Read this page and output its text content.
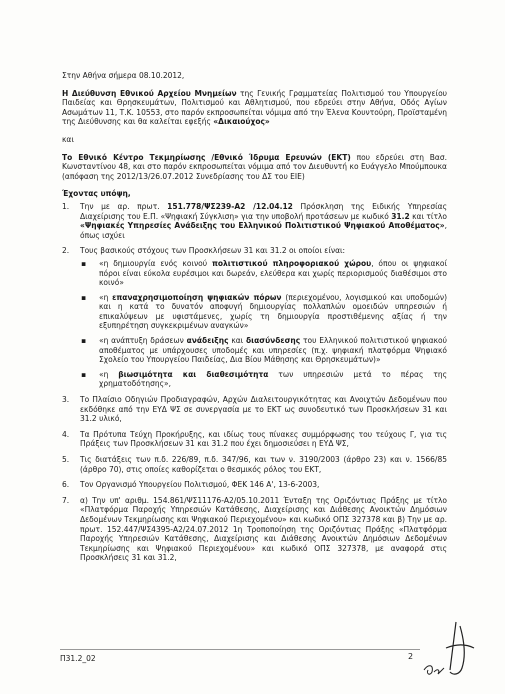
Στην Αθήνα σήμερα 08.10.2012,

Η Διεύθυνση Εθνικού Αρχείου Μνημείων της Γενικής Γραμματείας Πολιτισμού του Υπουργείου Παιδείας και Θρησκευμάτων, Πολιτισμού και Αθλητισμού, που εδρεύει στην Αθήνα, Οδός Αγίων Ασωμάτων 11, Τ.Κ. 10553, στο παρόν εκπροσωπείται νόμιμα από την Έλενα Κουντούρη, Προϊσταμένη της Διεύθυνσης και θα καλείται εφεξής «Δικαιούχος»

και

Το Εθνικό Κέντρο Τεκμηρίωσης /Εθνικό Ίδρυμα Ερευνών (ΕΚΤ) που εδρεύει στη Βασ. Κωνσταντίνου 48, και στο παρόν εκπροσωπείται νόμιμα από τον Διευθυντή κο Ευάγγελο Μπούμπουκα (απόφαση της 2012/13/26.07.2012 Συνεδρίασης του ΔΣ του ΕΙΕ)

Έχοντας υπόψη,

1. Την με αρ. πρωτ. 151.778/ΨΣ239-Α2 /12.04.12 Πρόσκληση της Ειδικής Υπηρεσίας Διαχείρισης του Ε.Π. «Ψηφιακή Σύγκλιση» για την υποβολή προτάσεων με κωδικό 31.2 και τίτλο «Ψηφιακές Υπηρεσίες Ανάδειξης του Ελληνικού Πολιτιστικού Ψηφιακού Αποθέματος», όπως ισχύει
2. Τους βασικούς στόχους των Προσκλήσεων 31 και 31.2 οι οποίοι είναι:
▪ «η δημιουργία ενός κοινού πολιτιστικού πληροφοριακού χώρου, όπου οι ψηφιακοί πόροι είναι εύκολα ευρέσιμοι και δωρεάν, ελεύθερα και χωρίς περιορισμούς διαθέσιμοι στο κοινό»
▪ «η επαναχρησιμοποίηση ψηφιακών πόρων (περιεχομένου, λογισμικού και υποδομών) και η κατά το δυνατόν αποφυγή δημιουργίας πολλαπλών ομοειδών υπηρεσιών ή επικαλύψεων με υφιστάμενες, χωρίς τη δημιουργία προστιθέμενης αξίας ή την εξυπηρέτηση συγκεκριμένων αναγκών»
▪ «η ανάπτυξη δράσεων ανάδειξης και διασύνδεσης του Ελληνικού πολιτιστικού ψηφιακού αποθέματος με υπάρχουσες υποδομές και υπηρεσίες (π.χ. ψηφιακή πλατφόρμα Ψηφιακό Σχολείο του Υπουργείου Παιδείας, Δια Βίου Μάθησης και Θρησκευμάτων)»
▪ «η βιωσιμότητα και διαθεσιμότητα των υπηρεσιών μετά το πέρας της χρηματοδότησης»,
3. Το Πλαίσιο Οδηγιών Προδιαγραφών, Αρχών Διαλειτουργικότητας και Ανοιχτών Δεδομένων που εκδόθηκε από την ΕΥΔ ΨΣ σε συνεργασία με το ΕΚΤ ως συνοδευτικό των Προσκλήσεων 31 και 31.2 υλικό,
4. Τα Πρότυπα Τεύχη Προκήρυξης, και ιδίως τους πίνακες συμμόρφωσης του τεύχους Γ, για τις Πράξεις των Προσκλήσεων 31 και 31.2 που έχει δημοσιεύσει η ΕΥΔ ΨΣ,
5. Τις διατάξεις των π.δ. 226/89, π.δ. 347/96, και των ν. 3190/2003 (άρθρο 23) και ν. 1566/85 (άρθρο 70), στις οποίες καθορίζεται ο θεσμικός ρόλος του ΕΚΤ,
6. Τον Οργανισμό Υπουργείου Πολιτισμού, ΦΕΚ 146 Α', 13-6-2003,
7. α) Την υπ' αριθμ. 154.861/ΨΣ11176-Α2/05.10.2011 Ένταξη της Οριζόντιας Πράξης με τίτλο «Πλατφόρμα Παροχής Υπηρεσιών Κατάθεσης, Διαχείρισης και Διάθεσης Ανοικτών Δημόσιων Δεδομένων Τεκμηρίωσης και Ψηφιακού Περιεχομένου» και κωδικό ΟΠΣ 327378 και β) Την με αρ. πρωτ. 152.447/ΨΣ4395-Α2/24.07.2012 1η Τροποποίηση της Οριζόντιας Πράξης «Πλατφόρμα Παροχής Υπηρεσιών Κατάθεσης, Διαχείρισης και Διάθεσης Ανοικτών Δημόσιων Δεδομένων Τεκμηρίωσης και Ψηφιακού Περιεχομένου» και κωδικό ΟΠΣ 327378, με αναφορά στις Προσκλήσεις 31 και 31.2,
Π31.2_02	2
